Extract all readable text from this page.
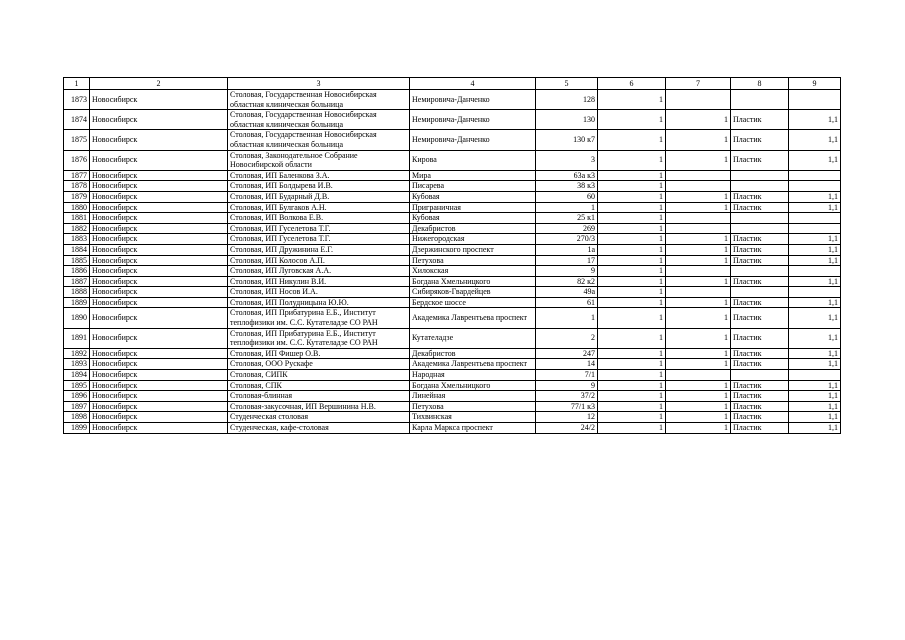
1	2	3	4	5	6	7	8	9
1873	Новосибирск	Столовая, Государственная Новосибирская областная клиническая больница	Немировича-Данченко	128	1			
1874	Новосибирск	Столовая, Государственная Новосибирская областная клиническая больница	Немировича-Данченко	130	1	1	Пластик	1,1
1875	Новосибирск	Столовая, Государственная Новосибирская областная клиническая больница	Немировича-Данченко	130 к7	1	1	Пластик	1,1
1876	Новосибирск	Столовая, Законодательное Собрание Новосибирской области	Кирова	3	1	1	Пластик	1,1
1877	Новосибирск	Столовая, ИП Баленкова З.А.	Мира	63а к3	1			
1878	Новосибирск	Столовая, ИП Болдырева И.В.	Писарева	38 к3	1			
1879	Новосибирск	Столовая, ИП Бударный Д.В.	Кубовая	60	1	1	Пластик	1,1
1880	Новосибирск	Столовая, ИП Булгаков А.Н.	Приграничная	1	1	1	Пластик	1,1
1881	Новосибирск	Столовая, ИП Волкова Е.В.	Кубовая	25 к1	1			
1882	Новосибирск	Столовая, ИП Гуселетова Т.Г.	Декабристов	269	1			
1883	Новосибирск	Столовая, ИП Гуселетова Т.Г.	Нижегородская	270/3	1	1	Пластик	1,1
1884	Новосибирск	Столовая, ИП Дружинина Е.Г.	Дзержинского проспект	1а	1	1	Пластик	1,1
1885	Новосибирск	Столовая, ИП Колосов А.П.	Петухова	17	1	1	Пластик	1,1
1886	Новосибирск	Столовая, ИП Луговская А.А.	Хилокская	9	1			
1887	Новосибирск	Столовая, ИП Никулин В.И.	Богдана Хмельницкого	82 к2	1	1	Пластик	1,1
1888	Новосибирск	Столовая, ИП Носов И.А.	Сибиряков-Гвардейцев	49а	1			
1889	Новосибирск	Столовая, ИП Полудницына Ю.Ю.	Бердское шоссе	61	1	1	Пластик	1,1
1890	Новосибирск	Столовая, ИП Прибатурина Е.Б., Институт теплофизики им. С.С. Кутателадзе СО РАН	Академика Лаврентьева проспект	1	1	1	Пластик	1,1
1891	Новосибирск	Столовая, ИП Прибатурина Е.Б., Институт теплофизики им. С.С. Кутателадзе СО РАН	Кутателадзе	2	1	1	Пластик	1,1
1892	Новосибирск	Столовая, ИП Фишер О.В.	Декабристов	247	1	1	Пластик	1,1
1893	Новосибирск	Столовая, ООО Рускафе	Академика Лаврентьева проспект	14	1	1	Пластик	1,1
1894	Новосибирск	Столовая, СИПК	Народная	7/1	1			
1895	Новосибирск	Столовая, СПК	Богдана Хмельницкого	9	1	1	Пластик	1,1
1896	Новосибирск	Столовая-блинная	Линейная	37/2	1	1	Пластик	1,1
1897	Новосибирск	Столовая-закусочная, ИП Вершинина Н.В.	Петухова	77/1 к3	1	1	Пластик	1,1
1898	Новосибирск	Студенческая столовая	Тихвинская	12	1	1	Пластик	1,1
1899	Новосибирск	Студенческая, кафе-столовая	Карла Маркса проспект	24/2	1	1	Пластик	1,1
